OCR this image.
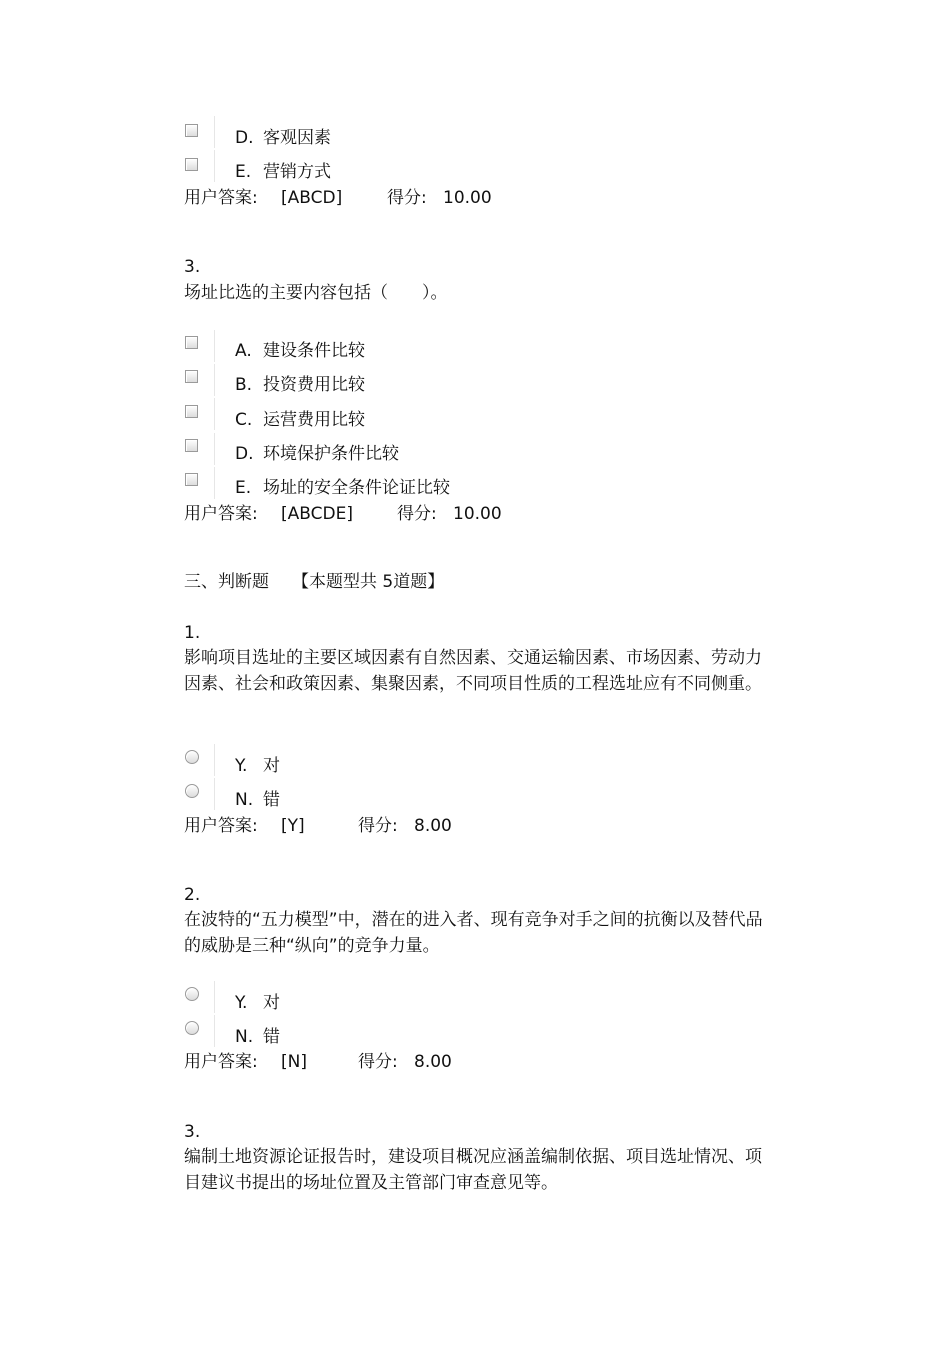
D. 客观因素
E. 营销方式
用户答案: [ABCD]	得分: 10.00
3.
场址比选的主要内容包括（　　）。
A. 建设条件比较
B. 投资费用比较
C. 运营费用比较
D. 环境保护条件比较
E. 场址的安全条件论证比较
用户答案: [ABCDE]	得分: 10.00
三、判断题 【本题型共 5道题】
1.
影响项目选址的主要区域因素有自然因素、交通运输因素、市场因素、劳动力因素、社会和政策因素、集聚因素，不同项目性质的工程选址应有不同侧重。
Y. 对
N. 错
用户答案: [Y]	得分: 8.00
2.
在波特的“五力模型”中，潜在的进入者、现有竞争对手之间的抗衡以及替代品的威胁是三种“纵向”的竞争力量。
Y. 对
N. 错
用户答案: [N]	得分: 8.00
3.
编制土地资源论证报告时，建设项目概况应涵盖编制依据、项目选址情况、项目建议书提出的场址位置及主管部门审查意见等。
